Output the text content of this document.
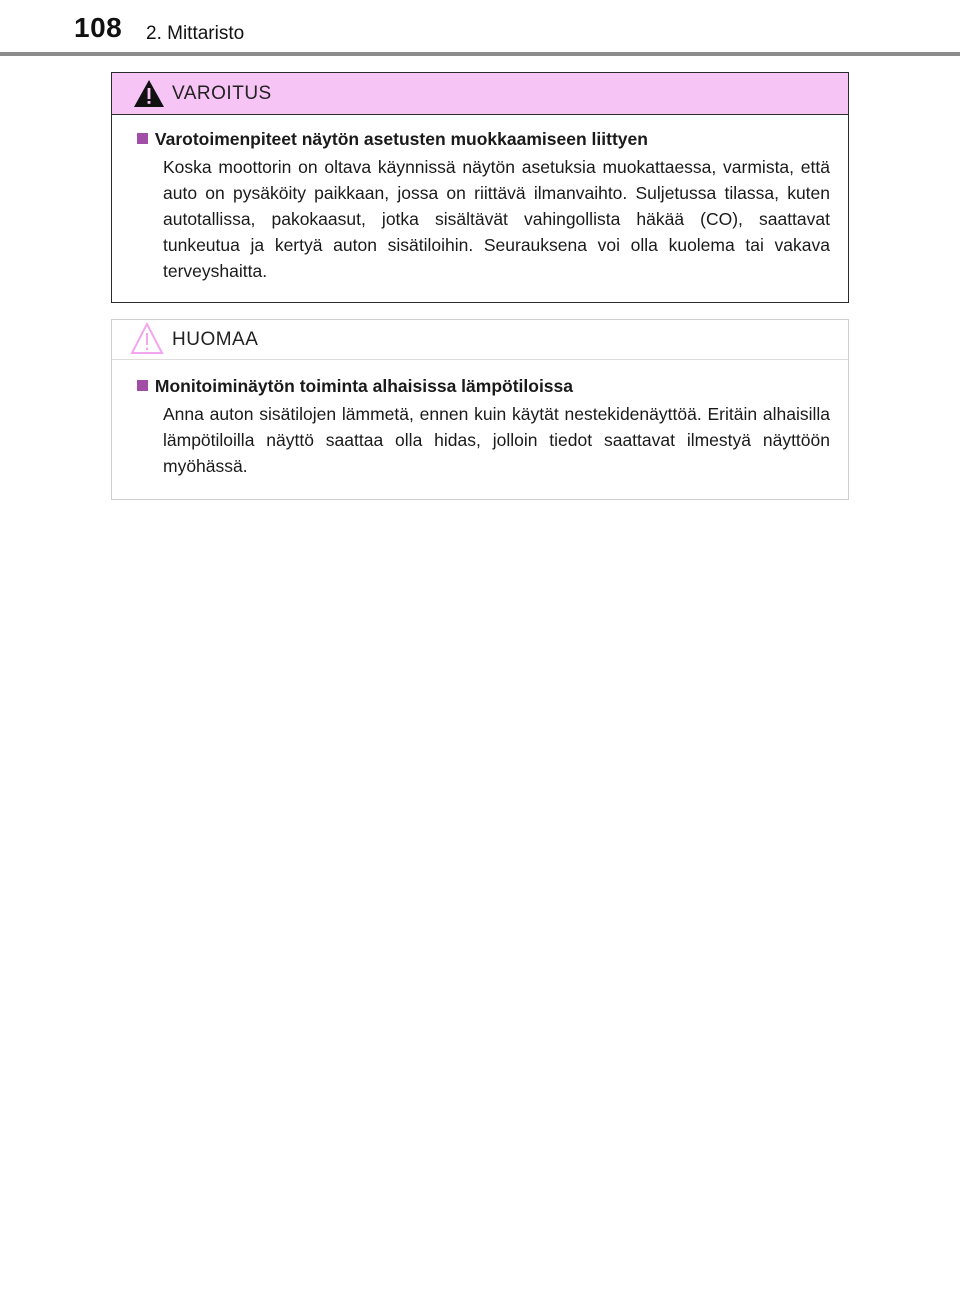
108 2. Mittaristo
VAROITUS
Varotoimenpiteet näytön asetusten muokkaamiseen liittyen
Koska moottorin on oltava käynnissä näytön asetuksia muokattaessa, varmista, että auto on pysäköity paikkaan, jossa on riittävä ilmanvaihto. Suljetussa tilassa, kuten autotallissa, pakokaasut, jotka sisältävät vahingollista häkää (CO), saattavat tunkeutua ja kertyä auton sisätiloihin. Seurauksena voi olla kuolema tai vakava terveyshaitta.
HUOMAA
Monitoiminäytön toiminta alhaisissa lämpötiloissa
Anna auton sisätilojen lämmetä, ennen kuin käytät nestekidenäyttöä. Eritäin alhaisilla lämpötiloilla näyttö saattaa olla hidas, jolloin tiedot saattavat ilmestyä näyttöön myöhässä.
